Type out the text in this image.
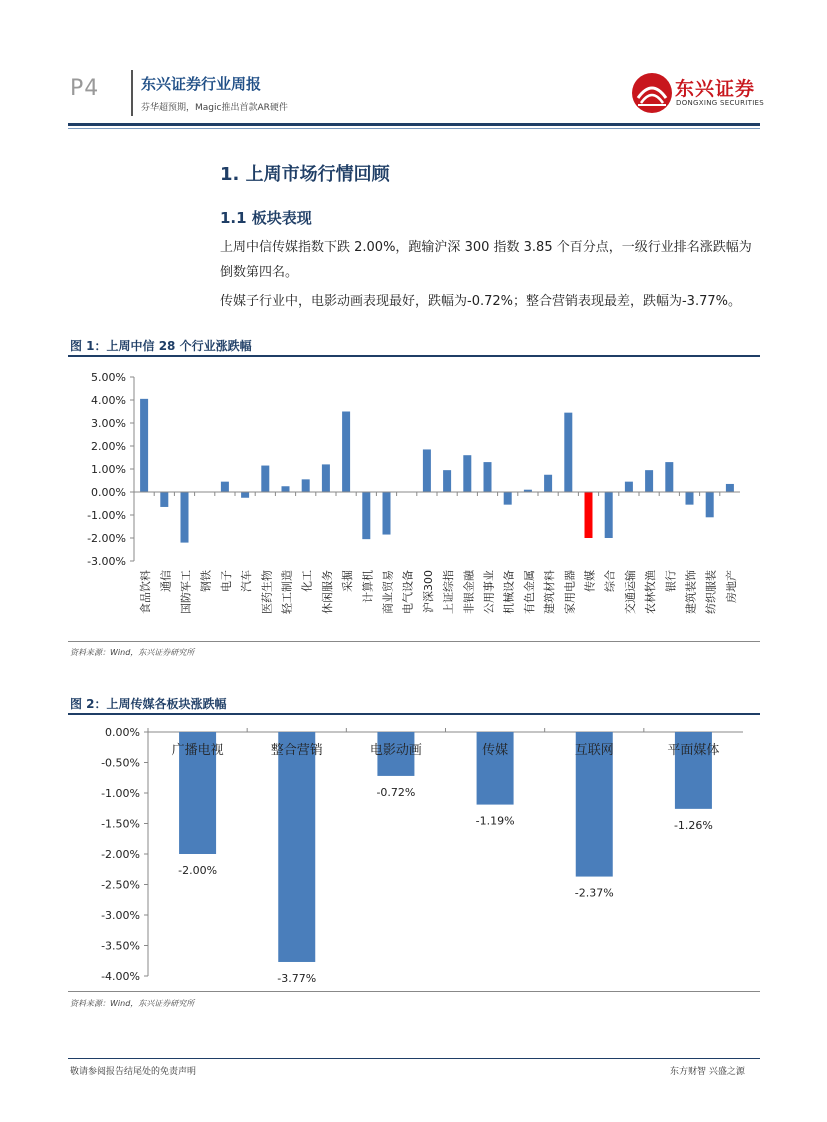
P4	东兴证券行业周报
芬华超预期，Magic推出首款AR硬件
东兴证券
DONGXING SECURITIES
1. 上周市场行情回顾
1.1 板块表现
上周中信传媒指数下跌 2.00%，跑输沪深 300 指数 3.85 个百分点，一级行业排名涨跌幅为倒数第四名。
传媒子行业中，电影动画表现最好，跌幅为-0.72%；整合营销表现最差，跌幅为-3.77%。
图 1：上周中信 28 个行业涨跌幅
5.00%
4.00%
3.00%
2.00%
1.00%
0.00%
-1.00%
-2.00%
-3.00%
食品饮料 通信 国防军工 钢铁 电子 汽车 医药生物 轻工制造 化工 休闲服务 采掘 计算机 商业贸易 电气设备 沪深300 上证综指 非银金融 公用事业 机械设备 有色金属 建筑材料 家用电器 传媒 综合 交通运输 农林牧渔 银行 建筑装饰 纺织服装 房地产
资料来源：Wind，东兴证券研究所
图 2：上周传媒各板块涨跌幅
0.00%
-0.50%
-1.00%
-1.50%
-2.00%
-2.50%
-3.00%
-3.50%
-4.00%
广播电视
-2.00%
整合营销
-3.77%
电影动画
-0.72%
传媒
-1.19%
互联网
-2.37%
平面媒体
-1.26%
资料来源：Wind，东兴证券研究所
敬请参阅报告结尾处的免责声明	东方财智 兴盛之源
